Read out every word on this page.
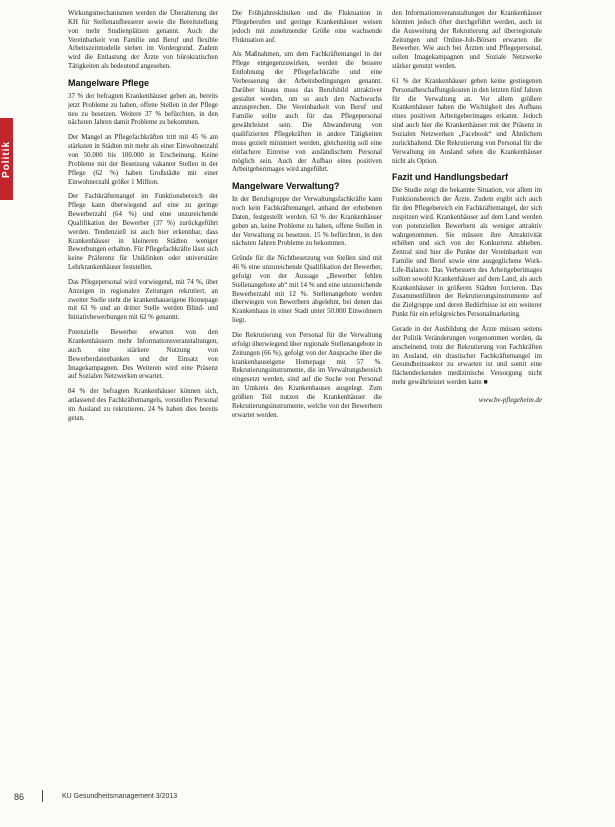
Politik

Wirkungsmechanismen werden die Überalterung der KH für Stellenaufbesserer sowie die Bereitstellung von mehr Studienplätzen genannt. Auch die Vereinbarkeit von Familie und Beruf und flexible Arbeitszeitmodelle stehen im Vordergrund. Zudem wird die Entlastung der Ärzte von bürokratischen Tätigkeiten als bedeutend angesehen.

Mangelware Pflege

37 % der befragten Krankenhäuser geben an, bereits jetzt Probleme zu haben, offene Stellen in der Pflege neu zu besetzen. Weitere 37 % befürchten, in den nächsten Jahren damit Probleme zu bekommen.

Der Mangel an Pflegefachkräften tritt mit 45 % am stärksten in Städten mit mehr als einer Einwohnerzahl von 50.000 bis 100.000 in Erscheinung. Keine Probleme mit der Besetzung vakanter Stellen in der Pflege (62 %) haben Großstädte mit einer Einwohnerzahl größer 1 Million.

Der Fachkräftemangel im Funktionsbereich der Pflege kann überwiegend auf eine zu geringe Bewerberzahl (64 %) und eine unzureichende Qualifikation der Bewerber (37 %) zurückgeführt werden. Tendenziell ist auch hier erkennbar, dass Krankenhäuser in kleineren Städten weniger Bewerbungen erhalten. Für Pflegefachkräfte lässt sich keine Präferenz für Uniklinken oder universitäre Lehrkrankenhäuser feststellen.

Das Pflegepersonal wird vorwiegend, mit 74 %, über Anzeigen in regionalen Zeitungen rekrutiert, an zweiter Stelle steht die krankenhauseigene Homepage mit 63 % und an dritter Stelle werden Blind- und Initiativbewerbungen mit 62 % genannt.

Potenzielle Bewerber erwarten von den Krankenhäusern mehr Informationsveranstaltungen, auch eine stärkere Nutzung von Bewerberdatenbanken und der Einsatz von Imagekampagnen. Des Weiteren wird eine Präsenz auf Sozialen Netzwerken erwartet.

84 % der befragten Krankenhäuser können sich, anlassend des Fachkräftemangels, vorstellen Personal im Ausland zu rekrutieren, 24 % haben dies bereits getan.

Die Frühjahreskliniken und die Fluktuation in Pflegeberufen und geringe Krankenhäuser weisen jedoch mit zunehmender Größe eine wachsende Fluktuation auf.

Als Maßnahmen, um dem Fachkräftemangel in der Pflege entgegenzuwirken, werden die bessere Entlohnung der Pflegefachkräfte und eine Verbesserung der Arbeitsbedingungen genannt. Darüber hinaus muss das Berufsbild attraktiver gestaltet werden, um so auch den Nachwuchs anzusprechen. Die Vereinbarkeit von Beruf und Familie sollte auch für das Pflegepersonal gewährleistet sein. Die Abwanderung von qualifizierten Pflegekräften in andere Tätigkeiten muss gezielt minimiert werden, gleichzeitig soll eine einfachere Einreise von ausländischem Personal möglich sein. Auch der Aufbau eines positiven Arbeitgeberimages wird angeführt.

Mangelware Verwaltung?

In der Berufsgruppe der Verwaltungsfachkräfte kann noch kein Fachkräftemangel, anhand der erhobenen Daten, festgestellt werden. 63 % der Krankenhäuser geben an, keine Probleme zu haben, offene Stellen in der Verwaltung zu besetzen. 15 % befürchten, in den nächsten Jahren Probleme zu bekommen.

Gründe für die Nichtbesetzung von Stellen sind mit 46 % eine unzureichende Qualifikation der Bewerber, gefolgt von der Aussage „Bewerber fehlen Stellenangebote ab“ mit 14 % und eine unzureichende Bewerberzahl mit 12 %. Stellenangebote werden überwiegen von Bewerbern abgelehnt, bei denen das Krankenhaus in einer Stadt unter 50.000 Einwohnern liegt.

Die Rekrutierung von Personal für die Verwaltung erfolgt überwiegend über regionale Stellenangebote in Zeitungen (66 %), gefolgt von der Ansprache über die krankenhauseigene Homepage mit 57 %. Rekrutierungsinstrumente, die im Verwaltungsbereich eingesetzt werden, sind auf die Suche von Personal im Umkreis des Krankenhauses ausgelegt. Zum größten Teil nutzen die Krankenhäuser die Rekrutierungsinstrumente, welche von der Bewerbern erwartet werden.

den Informationsveranstaltungen der Krankenhäuser könnten jedoch öfter durchgeführt werden, auch ist die Ausweitung der Rekrutierung auf überregionale Zeitungen und Online-Job-Börsen erwarten die Bewerber. Wie auch bei Ärzten und Pflegepersonal, sollen Imagekampagnen und Soziale Netzwerke stärker genutzt werden.

61 % der Krankenhäuser geben keine gestiegenen Personalbeschaffungskosten in den letzten fünf Jahren für die Verwaltung an. Vor allem größere Krankenhäuser haben die Wichtigkeit des Aufbaus eines positiven Arbeitgeberimages erkannt. Jedoch sind auch hier die Krankenhäuser mit der Präsenz in Sozialen Netzwerken „Facebook“ und Ähnlichem zurückhaltend. Die Rekrutierung von Personal für die Verwaltung im Ausland sehen die Krankenhäuser nicht als Option.

Fazit und Handlungsbedarf

Die Studie zeigt die bekannte Situation, vor allem im Funktionsbereich der Ärzte. Zudem ergibt sich auch für den Pflegebereich ein Fachkräftemangel, der sich zuspitzen wird. Krankenhäuser auf dem Land werden von potenziellen Bewerbern als weniger attraktiv wahrgenommen. Sie müssen ihre Attraktivität erhöhen und sich von der Konkurrenz abheben. Zentral sind hier die Punkte der Vereinbarkeit von Familie und Beruf sowie eine ausgeglichene Work-Life-Balance. Das Verbessern des Arbeitgeberimages sollten sowohl Krankenhäuser auf dem Land, als auch Krankenhäuser in größeren Städten forcieren. Das Zusammenführen der Rekrutierungsinstrumente auf die Zielgruppe und deren Bedürfnisse ist ein weiterer Punkt für ein erfolgreiches Personalmarketing.

Gerade in der Ausbildung der Ärzte müssen seitens der Politik Veränderungen vorgenommen werden, da anscheinend, trotz der Rekrutierung von Fachkräften im Ausland, ein drastischer Fachkräftemangel im Gesundheitssektor zu erwarten ist und somit eine flächendeckenden medizinische Versorgung nicht mehr gewährleistet werden kann ■

www.bv-pflegeheim.de
86	KU Gesundheitsmanagement 3/2013
